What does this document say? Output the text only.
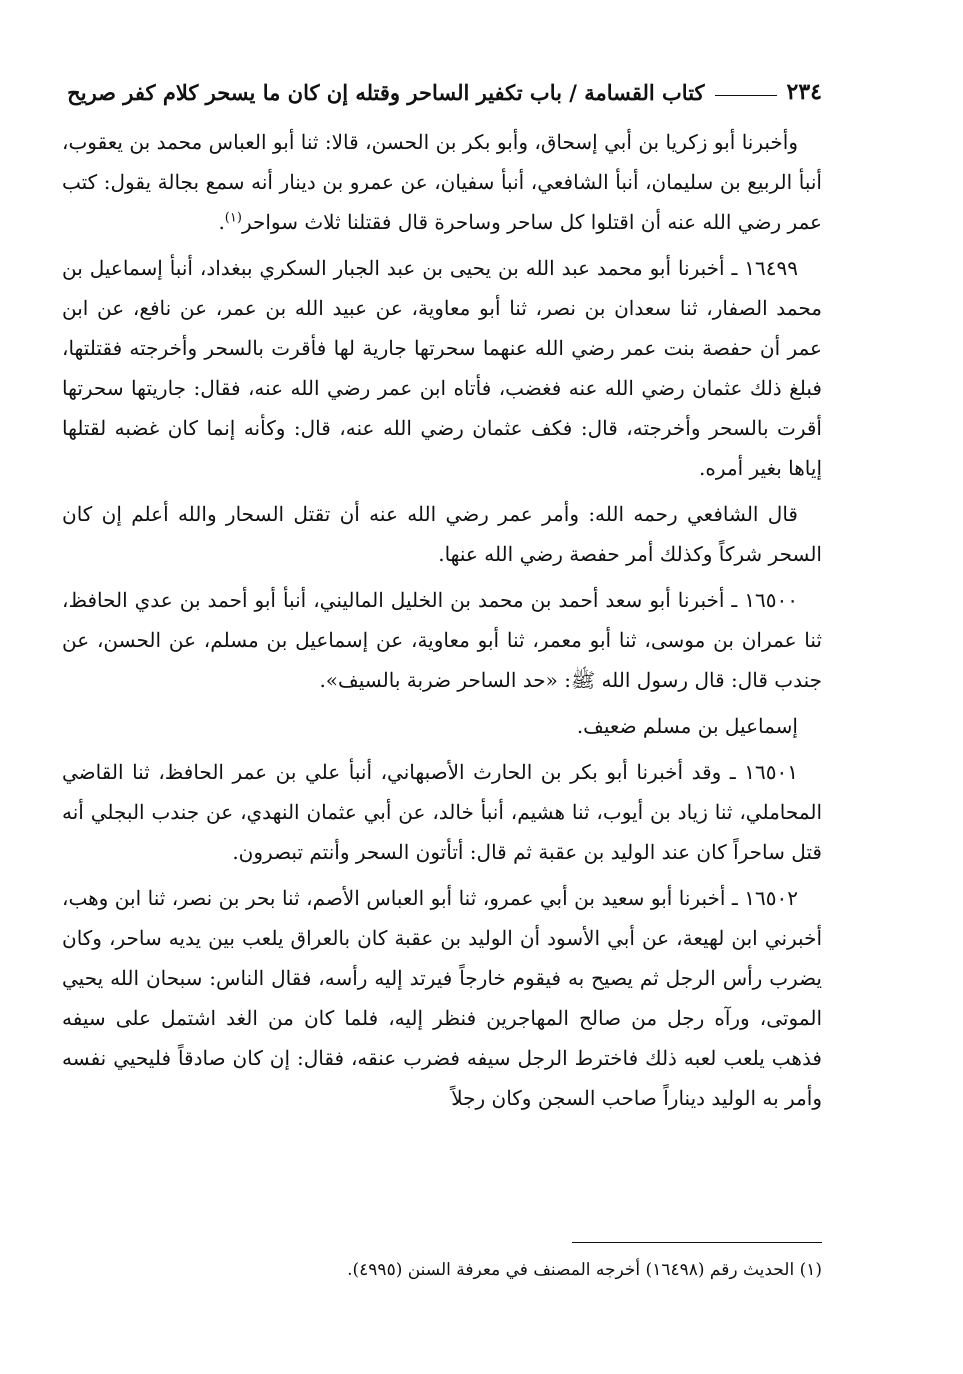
٢٣٤
كتاب القسامة / باب تكفير الساحر وقتله إن كان ما يسحر كلام كفر صريح

وأخبرنا أبو زكريا بن أبي إسحاق، وأبو بكر بن الحسن، قالا: ثنا أبو العباس محمد بن يعقوب، أنبأ الربيع بن سليمان، أنبأ الشافعي، أنبأ سفيان، عن عمرو بن دينار أنه سمع بجالة يقول: كتب عمر رضي الله عنه أن اقتلوا كل ساحر وساحرة قال فقتلنا ثلاث سواحر$^{(١)}$.

١٦٤٩٩ ـ أخبرنا أبو محمد عبد الله بن يحيى بن عبد الجبار السكري ببغداد، أنبأ إسماعيل بن محمد الصفار، ثنا سعدان بن نصر، ثنا أبو معاوية، عن عبيد الله بن عمر، عن نافع، عن ابن عمر أن حفصة بنت عمر رضي الله عنهما سحرتها جارية لها فأقرت بالسحر وأخرجته فقتلتها، فبلغ ذلك عثمان رضي الله عنه فغضب، فأتاه ابن عمر رضي الله عنه، فقال: جاريتها سحرتها أقرت بالسحر وأخرجته، قال: فكف عثمان رضي الله عنه، قال: وكأنه إنما كان غضبه لقتلها إياها بغير أمره.

قال الشافعي رحمه الله: وأمر عمر رضي الله عنه أن تقتل السحار والله أعلم إن كان السحر شركاً وكذلك أمر حفصة رضي الله عنها.

١٦٥٠٠ ـ أخبرنا أبو سعد أحمد بن محمد بن الخليل الماليني، أنبأ أبو أحمد بن عدي الحافظ، ثنا عمران بن موسى، ثنا أبو معمر، ثنا أبو معاوية، عن إسماعيل بن مسلم، عن الحسن، عن جندب قال: قال رسول الله ﷺ: «حد الساحر ضربة بالسيف».

إسماعيل بن مسلم ضعيف.

١٦٥٠١ ـ وقد أخبرنا أبو بكر بن الحارث الأصبهاني، أنبأ علي بن عمر الحافظ، ثنا القاضي المحاملي، ثنا زياد بن أيوب، ثنا هشيم، أنبأ خالد، عن أبي عثمان النهدي، عن جندب البجلي أنه قتل ساحراً كان عند الوليد بن عقبة ثم قال: أتأتون السحر وأنتم تبصرون.

١٦٥٠٢ ـ أخبرنا أبو سعيد بن أبي عمرو، ثنا أبو العباس الأصم، ثنا بحر بن نصر، ثنا ابن وهب، أخبرني ابن لهيعة، عن أبي الأسود أن الوليد بن عقبة كان بالعراق يلعب بين يديه ساحر، وكان يضرب رأس الرجل ثم يصيح به فيقوم خارجاً فيرتد إليه رأسه، فقال الناس: سبحان الله يحيي الموتى، ورآه رجل من صالح المهاجرين فنظر إليه، فلما كان من الغد اشتمل على سيفه فذهب يلعب لعبه ذلك فاخترط الرجل سيفه فضرب عنقه، فقال: إن كان صادقاً فليحيي نفسه وأمر به الوليد ديناراً صاحب السجن وكان رجلاً

(١) الحديث رقم (١٦٤٩٨) أخرجه المصنف في معرفة السنن (٤٩٩٥).
